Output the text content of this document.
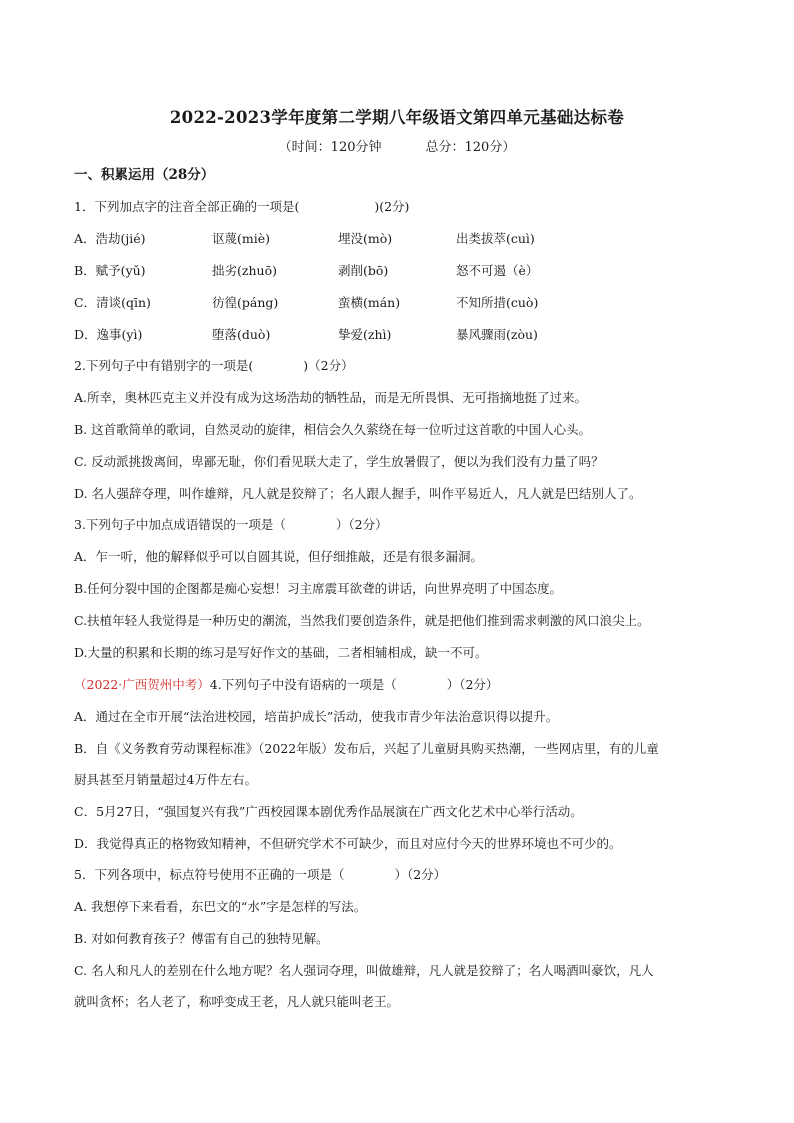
2022-2023学年度第二学期八年级语文第四单元基础达标卷
（时间：120分钟	总分：120分）
一、积累运用（28分）
1．下列加点字的注音全部正确的一项是(　　　　　　)(2分)
A．浩劫(jié)	讴蔑(miè)	埋没(mò)	出类拔萃(cuì)
B．赋予(yǔ)	拙劣(zhuō)	剥削(bō)	怒不可遏（è）
C．清谈(qīn)	彷徨(páng)	蛮横(mán)	不知所措(cuò)
D．逸事(yì)	堕落(duò)	挚爱(zhì)	暴风骤雨(zòu)
2.下列句子中有错别字的一项是(　　　　)（2分）
A.所幸，奥林匹克主义并没有成为这场浩劫的牺牲品，而是无所畏惧、无可指摘地挺了过来。
B. 这首歌简单的歌词，自然灵动的旋律，相信会久久萦绕在每一位听过这首歌的中国人心头。
C. 反动派挑拨离间，卑鄙无耻，你们看见联大走了，学生放暑假了，便以为我们没有力量了吗？
D. 名人强辞夺理，叫作雄辩，凡人就是狡辩了；名人跟人握手，叫作平易近人，凡人就是巴结别人了。
3.下列句子中加点成语错误的一项是（　　　　）（2分）
A．乍一听，他的解释似乎可以自圆其说，但仔细推敲，还是有很多漏洞。
B.任何分裂中国的企图都是痴心妄想！习主席震耳欲聋的讲话，向世界亮明了中国态度。
C.扶植年轻人我觉得是一种历史的潮流，当然我们要创造条件，就是把他们推到需求刺激的风口浪尖上。
D.大量的积累和长期的练习是写好作文的基础，二者相辅相成，缺一不可。
（2022·广西贺州中考）4.下列句子中没有语病的一项是（　　　　）（2分）
A．通过在全市开展“法治进校园，培苗护成长”活动，使我市青少年法治意识得以提升。
B．自《义务教育劳动课程标准》（2022年版）发布后，兴起了儿童厨具购买热潮，一些网店里，有的儿童
厨具甚至月销量超过4万件左右。
C．5月27日，“强国复兴有我”广西校园课本剧优秀作品展演在广西文化艺术中心举行活动。
D．我觉得真正的格物致知精神，不但研究学术不可缺少，而且对应付今天的世界环境也不可少的。
5．下列各项中，标点符号使用不正确的一项是（　　　　）（2分）
A. 我想停下来看看，东巴文的“水”字是怎样的写法。
B. 对如何教育孩子？傅雷有自己的独特见解。
C. 名人和凡人的差别在什么地方呢？名人强词夺理，叫做雄辩，凡人就是狡辩了；名人喝酒叫豪饮，凡人
就叫贪杯；名人老了，称呼变成王老，凡人就只能叫老王。
